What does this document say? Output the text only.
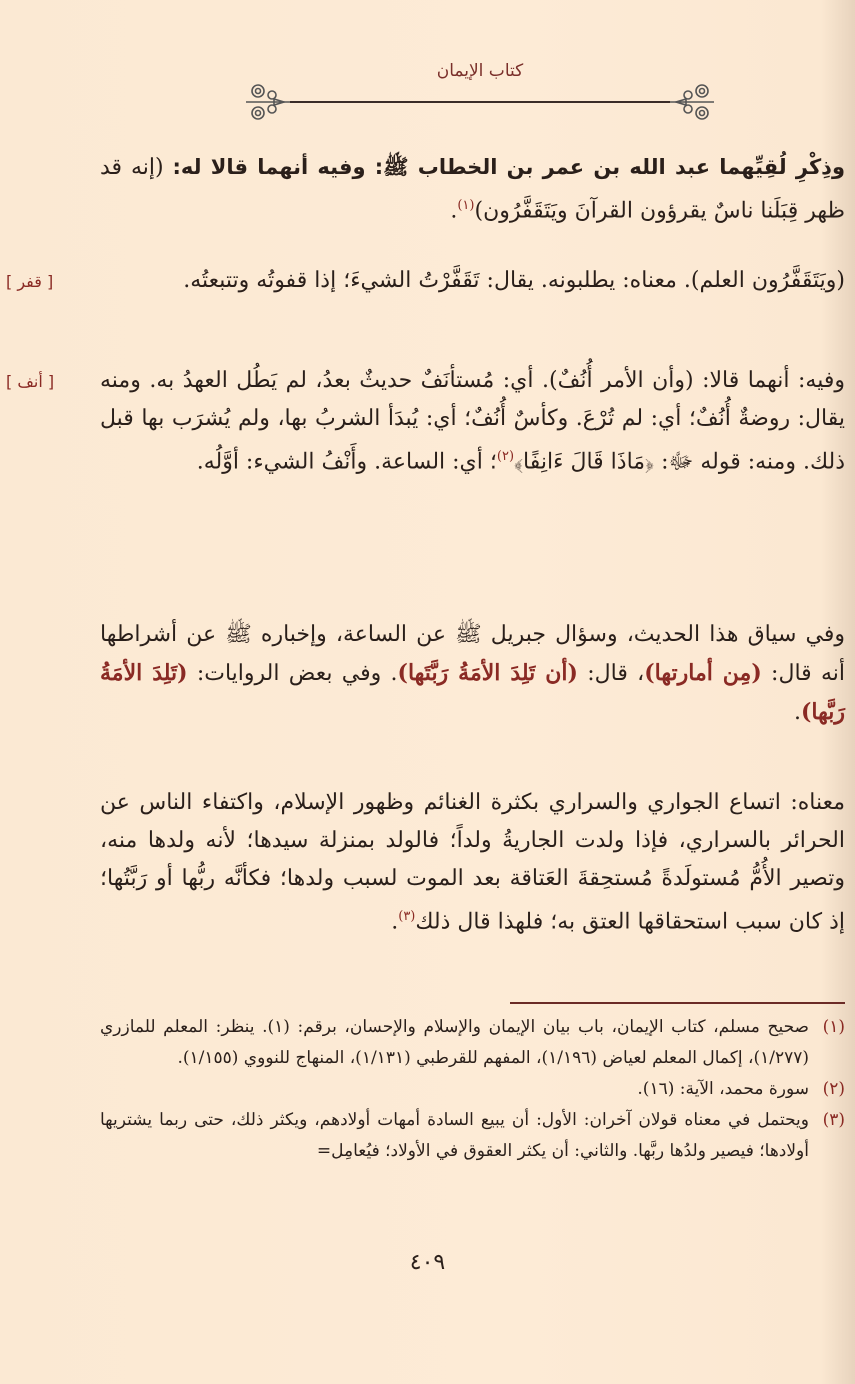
كتاب الإيمان
وذِكْرِ لُقِيِّهما عبد الله بن عمر بن الخطاب ﷺ: وفيه أنهما قالا له: (إنه قد ظهر قِبَلَنا ناسٌ يقرؤون القرآنَ ويَتَقَفَّرُون)$^{(١)}$.
(ويَتَقَفَّرُون العلم). معناه: يطلبونه. يقال: تَقَفَّرْتُ الشيءَ؛ إذا قفوتُه وتتبعتُه.
[ قفر ]
وفيه: أنهما قالا: (وأن الأمر أُنُفٌ). أي: مُستأنَفٌ حديثٌ بعدُ، لم يَطُل العهدُ به. ومنه يقال: روضةٌ أُنُفٌ؛ أي: لم تُرْعَ. وكأسٌ أُنُفٌ؛ أي: يُبدَأ الشربُ بها، ولم يُشرَب بها قبل ذلك. ومنه: قوله ﷻ: ﴿مَاذَا قَالَ ءَانِفًا﴾$^{(٢)}$؛ أي: الساعة. وأَنْفُ الشيء: أوَّلُه.
[ أنف ]
وفي سياق هذا الحديث، وسؤال جبريل ﷺ عن الساعة، وإخباره ﷺ عن أشراطها أنه قال: (مِن أمارتها)، قال: (أن تَلِدَ الأمَةُ رَبَّتَها). وفي بعض الروايات: (تَلِدَ الأمَةُ رَبَّها).
معناه: اتساع الجواري والسراري بكثرة الغنائم وظهور الإسلام، واكتفاء الناس عن الحرائر بالسراري، فإذا ولدت الجاريةُ ولداً؛ فالولد بمنزلة سيدها؛ لأنه ولدها منه، وتصير الأُمُّ مُستولَدةً مُستحِقةَ العَتاقة بعد الموت لسبب ولدها؛ فكأنَّه ربُّها أو رَبَّتُها؛ إذ كان سبب استحقاقها العتق به؛ فلهذا قال ذلك$^{(٣)}$.
(١)
صحيح مسلم، كتاب الإيمان، باب بيان الإيمان والإسلام والإحسان، برقم: (١). ينظر: المعلم للمازري (١/٢٧٧)، إكمال المعلم لعياض (١/١٩٦)، المفهم للقرطبي (١/١٣١)، المنهاج للنووي (١/١٥٥).
(٢)
سورة محمد، الآية: (١٦).
(٣)
ويحتمل في معناه قولان آخران: الأول: أن يبيع السادة أمهات أولادهم، ويكثر ذلك، حتى ربما يشتريها أولادها؛ فيصير ولدُها ربَّها. والثاني: أن يكثر العقوق في الأولاد؛ فيُعامِل=
٤٠٩
